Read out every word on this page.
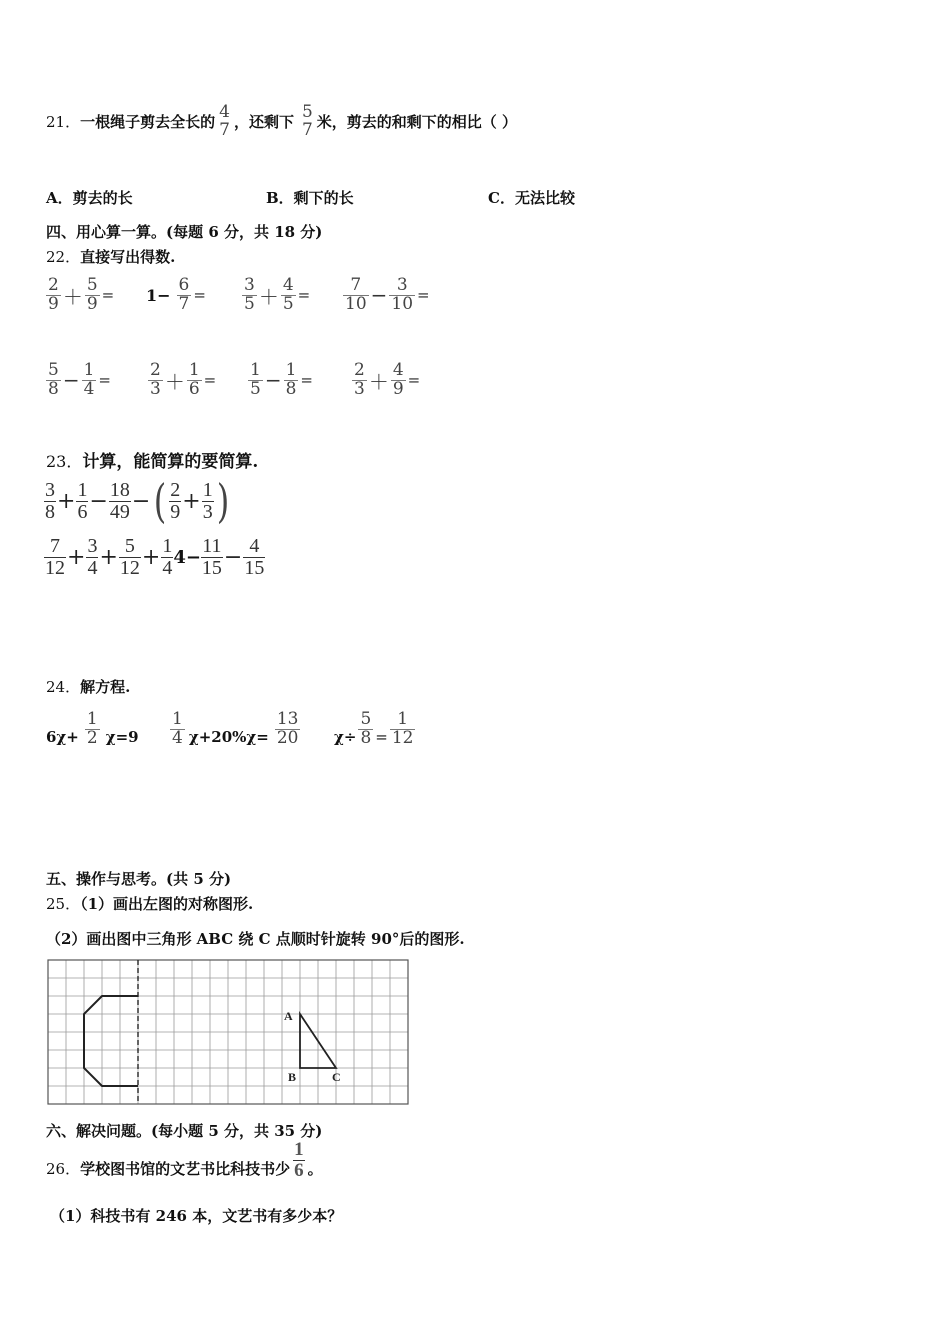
21． 一根绳子剪去全长的
4
7 ，还剩下
5
7 米，剪去的和剩下的相比（ ）
A．剪去的长	B．剩下的长	C．无法比较
四、用心算一算。(每题 6 分，共 18 分)
22．直接写出得数.
$\frac{2}{9} + \frac{5}{9} = 1- \frac{6}{7} = \frac{3}{5} + \frac{4}{5} = \frac{7}{10} - \frac{3}{10}$ =
$\frac{5}{8} - \frac{1}{4} = \frac{2}{3} + \frac{1}{6} = \frac{1}{5} - \frac{1}{8} = \frac{2}{3} + \frac{4}{9}$ =
23．计算，能简算的要简算.
3
$8 + \frac{1}{6} - \frac{18}{49}$ − ( 2
$9 + \frac{1}{3}$ )
7
$12 + \frac{3}{4} + \frac{5}{12} + \frac{1}{4} 4- \frac{11}{15} - \frac{4}{15}$
24．解方程.
$6\chi+ \frac{1}{2} \chi=9 \frac{1}{4} \chi+20\%\chi= \frac{13}{20} \chi\div \frac{5}{8} = \frac{1}{12}$
五、操作与思考。(共 5 分)
25．（1）画出左图的对称图形.
（2）画出图中三角形 ABC 绕 C 点顺时针旋转 90°后的图形.
A
B	C
六、解决问题。(每小题 5 分，共 35 分)
26． 学校图书馆的文艺书比科技书少
1
6 。
（1）科技书有 246 本，文艺书有多少本？
